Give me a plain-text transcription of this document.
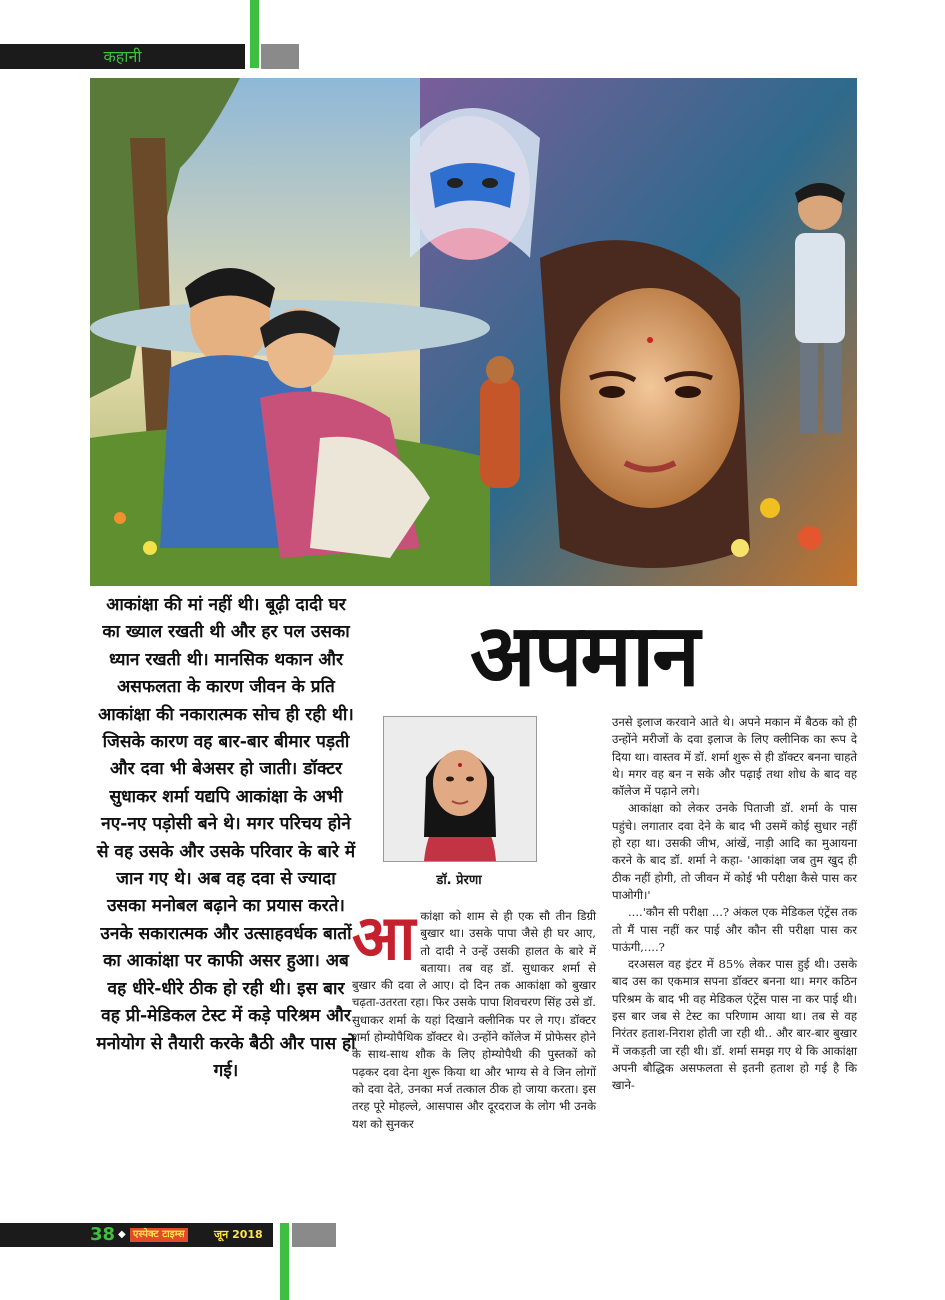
कहानी
आकांक्षा की मां नहीं थी। बूढ़ी दादी घर का ख्याल रखती थी और हर पल उसका ध्यान रखती थी। मानसिक थकान और असफलता के कारण जीवन के प्रति आकांक्षा की नकारात्मक सोच ही रही थी। जिसके कारण वह बार-बार बीमार पड़ती और दवा भी बेअसर हो जाती। डॉक्टर सुधाकर शर्मा यद्यपि आकांक्षा के अभी नए-नए पड़ोसी बने थे। मगर परिचय होने से वह उसके और उसके परिवार के बारे में जान गए थे। अब वह दवा से ज्यादा उसका मनोबल बढ़ाने का प्रयास करते। उनके सकारात्मक और उत्साहवर्धक बातों का आकांक्षा पर काफी असर हुआ। अब वह धीरे-धीरे ठीक हो रही थी। इस बार वह प्री-मेडिकल टेस्ट में कड़े परिश्रम और मनोयोग से तैयारी करके बैठी और पास हो गई।
अपमान
डॉ. प्रेरणा
आ कांक्षा को शाम से ही एक सौ तीन डिग्री बुखार था। उसके पापा जैसे ही घर आए, तो दादी ने उन्हें उसकी हालत के बारे में बताया। तब वह डॉ. सुधाकर शर्मा से बुखार की दवा ले आए। दो दिन तक आकांक्षा को बुखार चढ़ता-उतरता रहा। फिर उसके पापा शिवचरण सिंह उसे डॉ. सुधाकर शर्मा के यहां दिखाने क्लीनिक पर ले गए। डॉक्टर शर्मा होम्योपैथिक डॉक्टर थे। उन्होंने कॉलेज में प्रोफेसर होने के साथ-साथ शौक के लिए होम्योपैथी की पुस्तकों को पढ़कर दवा देना शुरू किया था और भाग्य से वे जिन लोगों को दवा देते, उनका मर्ज तत्काल ठीक हो जाया करता। इस तरह पूरे मोहल्ले, आसपास और दूरदराज के लोग भी उनके यश को सुनकर

उनसे इलाज करवाने आते थे। अपने मकान में बैठक को ही उन्होंने मरीजों के दवा इलाज के लिए क्लीनिक का रूप दे दिया था। वास्तव में डॉ. शर्मा शुरू से ही डॉक्टर बनना चाहते थे। मगर वह बन न सके और पढ़ाई तथा शोध के बाद वह कॉलेज में पढ़ाने लगे।

आकांक्षा को लेकर उनके पिताजी डॉ. शर्मा के पास पहुंचे। लगातार दवा देने के बाद भी उसमें कोई सुधार नहीं हो रहा था। उसकी जीभ, आंखें, नाड़ी आदि का मुआयना करने के बाद डॉ. शर्मा ने कहा- 'आकांक्षा जब तुम खुद ही ठीक नहीं होगी, तो जीवन में कोई भी परीक्षा कैसे पास कर पाओगी।'

....'कौन सी परीक्षा ...? अंकल एक मेडिकल एंट्रेंस तक तो मैं पास नहीं कर पाई और कौन सी परीक्षा पास कर पाऊंगी,....?

दरअसल वह इंटर में 85% लेकर पास हुई थी। उसके बाद उस का एकमात्र सपना डॉक्टर बनना था। मगर कठिन परिश्रम के बाद भी वह मेडिकल एंट्रेंस पास ना कर पाई थी। इस बार जब से टेस्ट का परिणाम आया था। तब से वह निरंतर हताश-निराश होती जा रही थी.. और बार-बार बुखार में जकड़ती जा रही थी। डॉ. शर्मा समझ गए थे कि आकांक्षा अपनी बौद्धिक असफलता से इतनी हताश हो गई है कि खाने-

38 ◆ एस्पेक्ट टाइम्स	जून 2018
